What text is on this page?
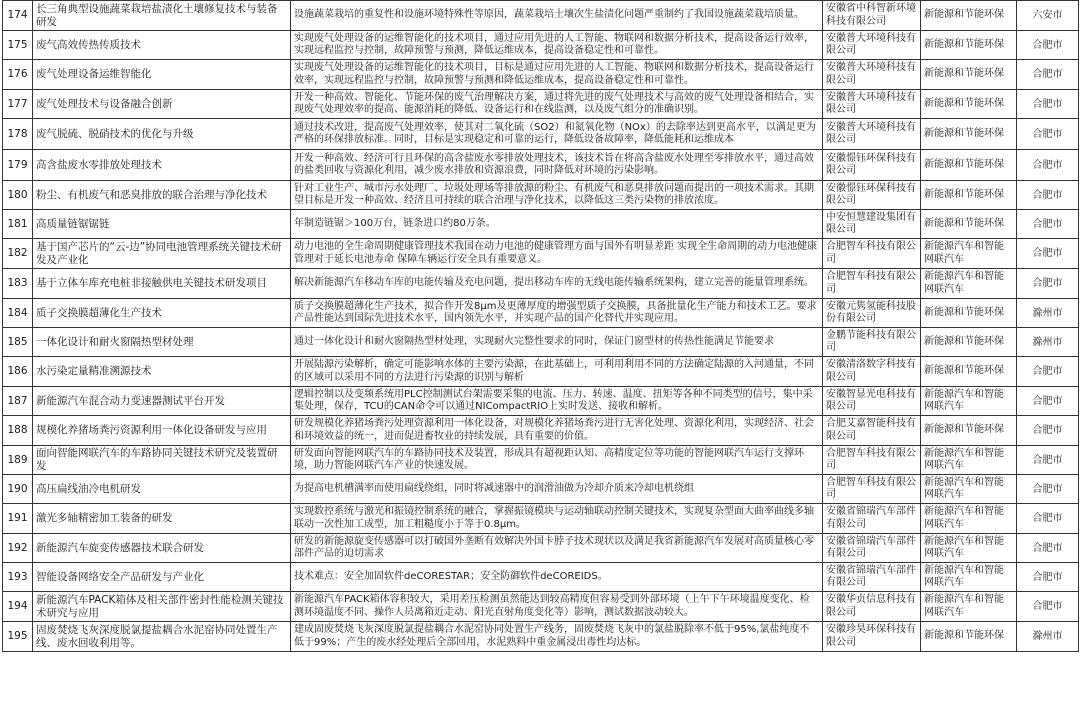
174	长三角典型设施蔬菜栽培盐渍化土壤修复技术与装备研发	设施蔬菜栽培的重复性和设施环境特殊性等原因，蔬菜栽培土壤次生盐渍化问题严重制约了我国设施蔬菜栽培质量。	安徽省中科智新环境科技有限公司	新能源和节能环保	六安市
175	废气高效传热传质技术	实现废气处理设备的运维智能化的技术项目，通过应用先进的人工智能、物联网和数据分析技术，提高设备运行效率，实现远程监控与控制，故障预警与预测，降低运维成本，提高设备稳定性和可靠性。	安徽普大环境科技有限公司	新能源和节能环保	合肥市
176	废气处理设备运维智能化	实现废气处理设备的运维智能化的技术项目，目标是通过应用先进的人工智能、物联网和数据分析技术，提高设备运行效率，实现远程监控与控制，故障预警与预测和降低运维成本，提高设备稳定性和可靠性。	安徽普大环境科技有限公司	新能源和节能环保	合肥市
177	废气处理技术与设备融合创新	开发一种高效、智能化、节能环保的废气治理解决方案，通过将先进的废气处理技术与高效的废气处理设备相结合，实现废气处理效率的提高、能源消耗的降低、设备运行和在线监测，以及废气组分的准确识别。	安徽普大环境科技有限公司	新能源和节能环保	合肥市
178	废气脱硫、脱硝技术的优化与升级	通过技术改进，提高废气处理效率，使其对二氧化硫（SO2）和氮氧化物（NOx）的去除率达到更高水平，以满足更为严格的环保排放标准。同时，目标是实现稳定和可靠的运行，降低设备故障率，降低能耗和运维成本	安徽普大环境科技有限公司	新能源和节能环保	合肥市
179	高含盐废水零排放处理技术	开发一种高效、经济可行且环保的高含盐废水零排放处理技术，该技术旨在将高含盐废水处理至零排放水平，通过高效的盐类回收与资源化利用，减少废水排放和资源浪费，同时降低对环境的污染影响。	安徽憬钰环保科技有限公司	新能源和节能环保	合肥市
180	粉尘、有机废气和恶臭排放的联合治理与净化技术	针对工业生产、城市污水处理厂、垃圾处理场等排放源的粉尘、有机废气和恶臭排放问题而提出的一项技术需求。其期望目标是开发一种高效、经济且可持续的联合治理与净化技术，以降低这三类污染物的排放浓度。	安徽憬钰环保科技有限公司	新能源和节能环保	合肥市
181	高质量链锯锯链	年制造链锯＞100万台，链条进口约80万条。	中安恒慧建设集团有限公司	新能源和节能环保	合肥市
182	基于国产芯片的“云-边”协同电池管理系统关键技术研发及产业化	动力电池的全生命周期健康管理技术我国在动力电池的健康管理方面与国外有明显差距 实现全生命周期的动力电池健康管理对于延长电池寿命 保障车辆运行安全具有重要意义。	合肥智车科技有限公司	新能源汽车和智能网联汽车	合肥市
183	基于立体车库充电桩非接触供电关键技术研发项目	解决新能源汽车移动车库的电能传输及充电问题，提出移动车库的无线电能传输系统架构，建立完善的能量管理系统。	合肥智车科技有限公司	新能源汽车和智能网联汽车	合肥市
184	质子交换膜超薄化生产技术	质子交换膜超薄化生产技术，拟合作开发8μm及更薄厚度的增强型质子交换膜，具备批量化生产能力和技术工艺。要求产品性能达到国际先进技术水平，国内领先水平，并实现产品的国产化替代并实现应用。	安徽元隽氢能科技股份有限公司	新能源和节能环保	滁州市
185	一体化设计和耐火窗隔热型材处理	通过一体化设计和耐火窗隔热型材处理，实现耐火完整性要求的同时，保证门窗型材的传热性能满足节能要求	金鹏节能科技有限公司	新能源和节能环保	滁州市
186	水污染定量精准溯源技术	开展陆源污染解析，确定可能影响水体的主要污染源，在此基础上，可利用利用不同的方法确定陆源的入河通量，不同的区域可以采用不同的方法进行污染源的识别与解析	安徽清洛数字科技有限公司	新能源和节能环保	合肥市
187	新能源汽车混合动力变速器测试平台开发	逻辑控制以及变频系统用PLC控制测试台架需要采集的电流、压力、转速、温度、扭矩等各种不同类型的信号，集中采集处理，保存，TCU的CAN命令可以通过NICompactRIO上实时发送、接收和解析。	安徽智显光电科技有限公司	新能源汽车和智能网联汽车	合肥市
188	规模化养猪场粪污资源利用一体化设备研发与应用	研发规模化养猪场粪污处理资源利用一体化设备，对规模化养猪场粪污进行无害化处理、资源化利用，实现经济、社会和环境效益的统一，进而促进畜牧业的持续发展，具有重要的价值。	合肥艾嘉智能科技有限公司	新能源和节能环保	合肥市
189	面向智能网联汽车的车路协同关键技术研究及装置研发	研发面向智能网联汽车的车路协同技术及装置，形成具有超视距认知、高精度定位等功能的智能网联汽车运行支撑环境，助力智能网联汽车产业的快速发展。	合肥智车科技有限公司	新能源汽车和智能网联汽车	合肥市
190	高压扁线油冷电机研发	为提高电机槽满率而使用扁线绕组，同时将减速器中的润滑油做为冷却介质来冷却电机绕组	合肥智车科技有限公司	新能源汽车和智能网联汽车	合肥市
191	激光多轴精密加工装备的研发	实现数控系统与激光和振镜控制系统的融合，掌握振镜模块与运动轴联动控制关键技术，实现复杂型面大曲率曲线多轴联动一次性加工成型，加工粗糙度小于等于0.8μm。	安徽省锦瑞汽车部件有限公司	新能源汽车和智能网联汽车	合肥市
192	新能源汽车旋变传感器技术联合研发	研发的新能源旋变传感器可以打破国外垄断有效解决外国卡脖子技术现状以及满足我省新能源汽车发展对高质量核心零部件产品的迫切需求	安徽省锦瑞汽车部件有限公司	新能源汽车和智能网联汽车	合肥市
193	智能设备网络安全产品研发与产业化	技术难点：安全加固软件deCORESTAR；安全防御软件deCOREIDS。	安徽省锦瑞汽车部件有限公司	新能源汽车和智能网联汽车	合肥市
194	新能源汽车PACK箱体及相关部件密封性能检测关键技术研究与应用	新能源汽车PACK箱体容积较大，采用差压检测虽然能达到较高精度但容易受到外部环境（上午下午环境温度变化、检测环境温度不同、操作人员离箱近走动、阳光直射角度变化等）影响，测试数据波动较大。	安徽华贞信息科技有限公司	新能源汽车和智能网联汽车	合肥市
195	固废焚烧飞灰深度脱氯提盐耦合水泥窑协同处置生产线、废水回收利用等。	建成固废焚烧飞灰深度脱氯提盐耦合水泥窑协同处置生产线务，固废焚烧飞灰中的氯盐脱除率不低于95%,氯盐纯度不低于99%；产生的废水经处理后全部回用，水泥熟料中重金属浸出毒性均达标。	安徽珍昊环保科技有限公司	新能源和节能环保	滁州市
